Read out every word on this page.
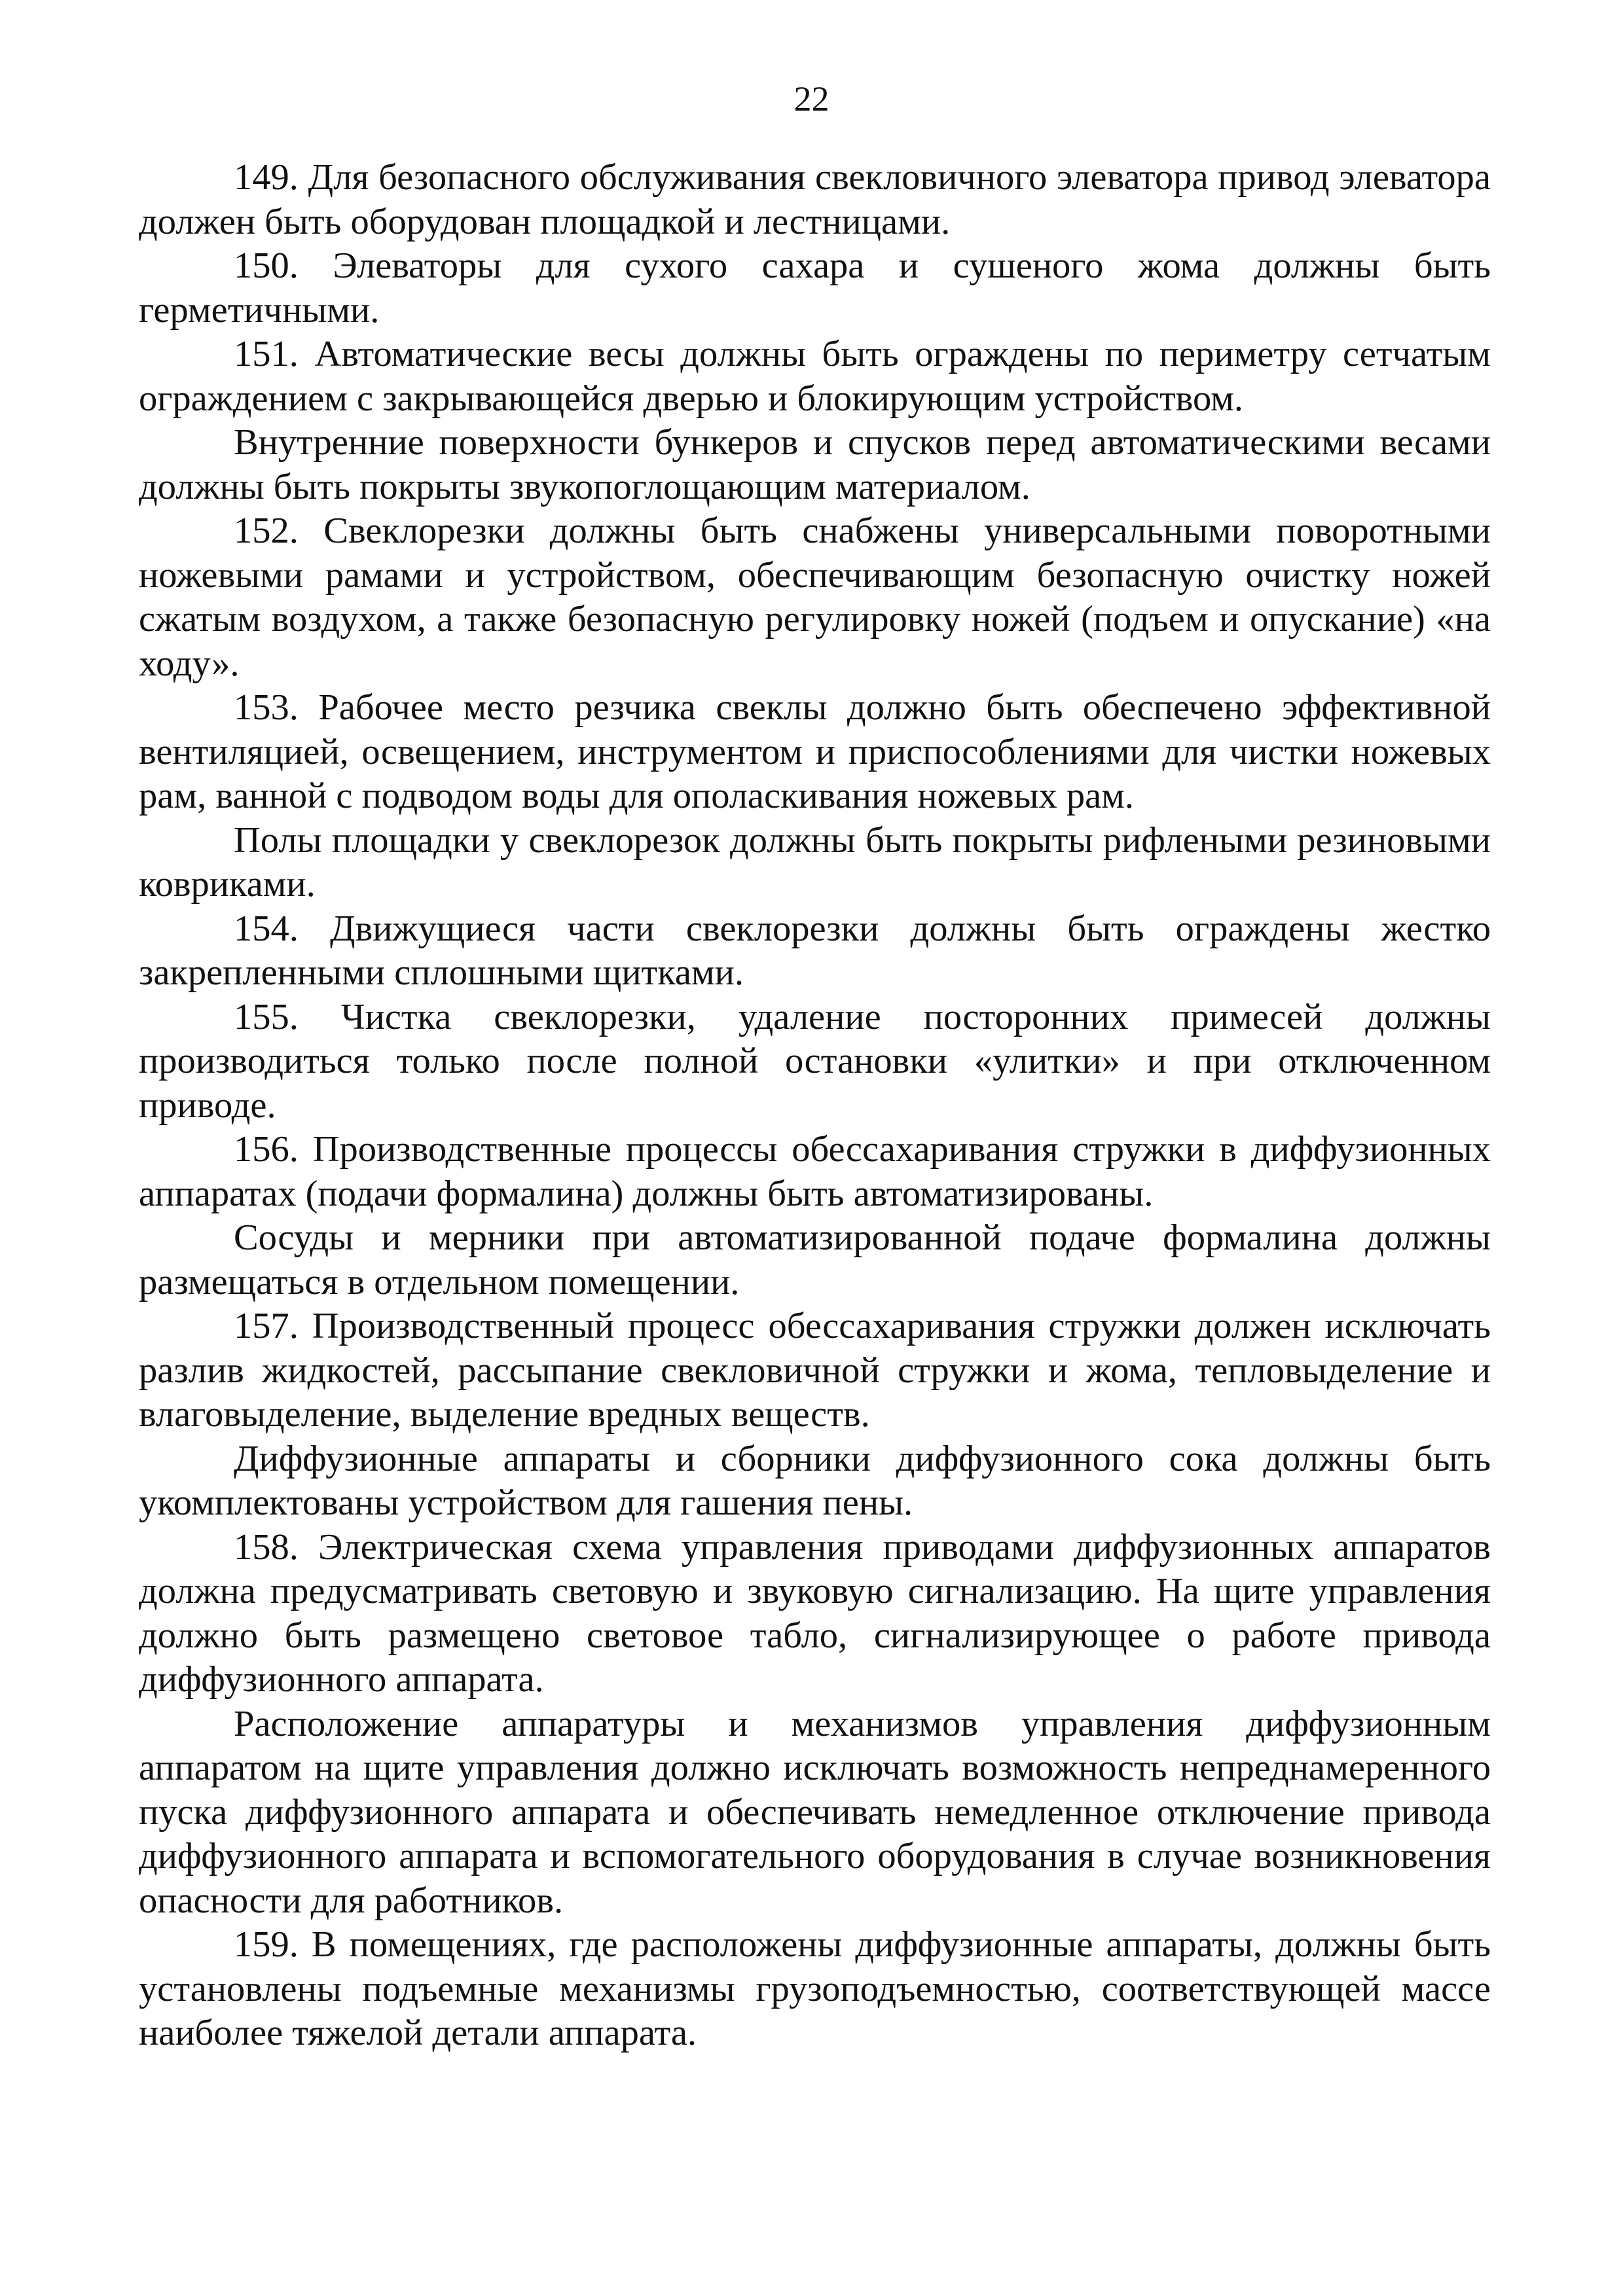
22

149. Для безопасного обслуживания свекловичного элеватора привод элеватора должен быть оборудован площадкой и лестницами.

150. Элеваторы для сухого сахара и сушеного жома должны быть герметичными.

151. Автоматические весы должны быть ограждены по периметру сетчатым ограждением с закрывающейся дверью и блокирующим устройством.

Внутренние поверхности бункеров и спусков перед автоматическими весами должны быть покрыты звукопоглощающим материалом.

152. Свеклорезки должны быть снабжены универсальными поворотными ножевыми рамами и устройством, обеспечивающим безопасную очистку ножей сжатым воздухом, а также безопасную регулировку ножей (подъем и опускание) «на ходу».

153. Рабочее место резчика свеклы должно быть обеспечено эффективной вентиляцией, освещением, инструментом и приспособлениями для чистки ножевых рам, ванной с подводом воды для ополаскивания ножевых рам.

Полы площадки у свеклорезок должны быть покрыты рифлеными резиновыми ковриками.

154. Движущиеся части свеклорезки должны быть ограждены жестко закрепленными сплошными щитками.

155. Чистка свеклорезки, удаление посторонних примесей должны производиться только после полной остановки «улитки» и при отключенном приводе.

156. Производственные процессы обессахаривания стружки в диффузионных аппаратах (подачи формалина) должны быть автоматизированы.

Сосуды и мерники при автоматизированной подаче формалина должны размещаться в отдельном помещении.

157. Производственный процесс обессахаривания стружки должен исключать разлив жидкостей, рассыпание свекловичной стружки и жома, тепловыделение и влаговыделение, выделение вредных веществ.

Диффузионные аппараты и сборники диффузионного сока должны быть укомплектованы устройством для гашения пены.

158. Электрическая схема управления приводами диффузионных аппаратов должна предусматривать световую и звуковую сигнализацию. На щите управления должно быть размещено световое табло, сигнализирующее о работе привода диффузионного аппарата.

Расположение аппаратуры и механизмов управления диффузионным аппаратом на щите управления должно исключать возможность непреднамеренного пуска диффузионного аппарата и обеспечивать немедленное отключение привода диффузионного аппарата и вспомогательного оборудования в случае возникновения опасности для работников.

159. В помещениях, где расположены диффузионные аппараты, должны быть установлены подъемные механизмы грузоподъемностью, соответствующей массе наиболее тяжелой детали аппарата.
